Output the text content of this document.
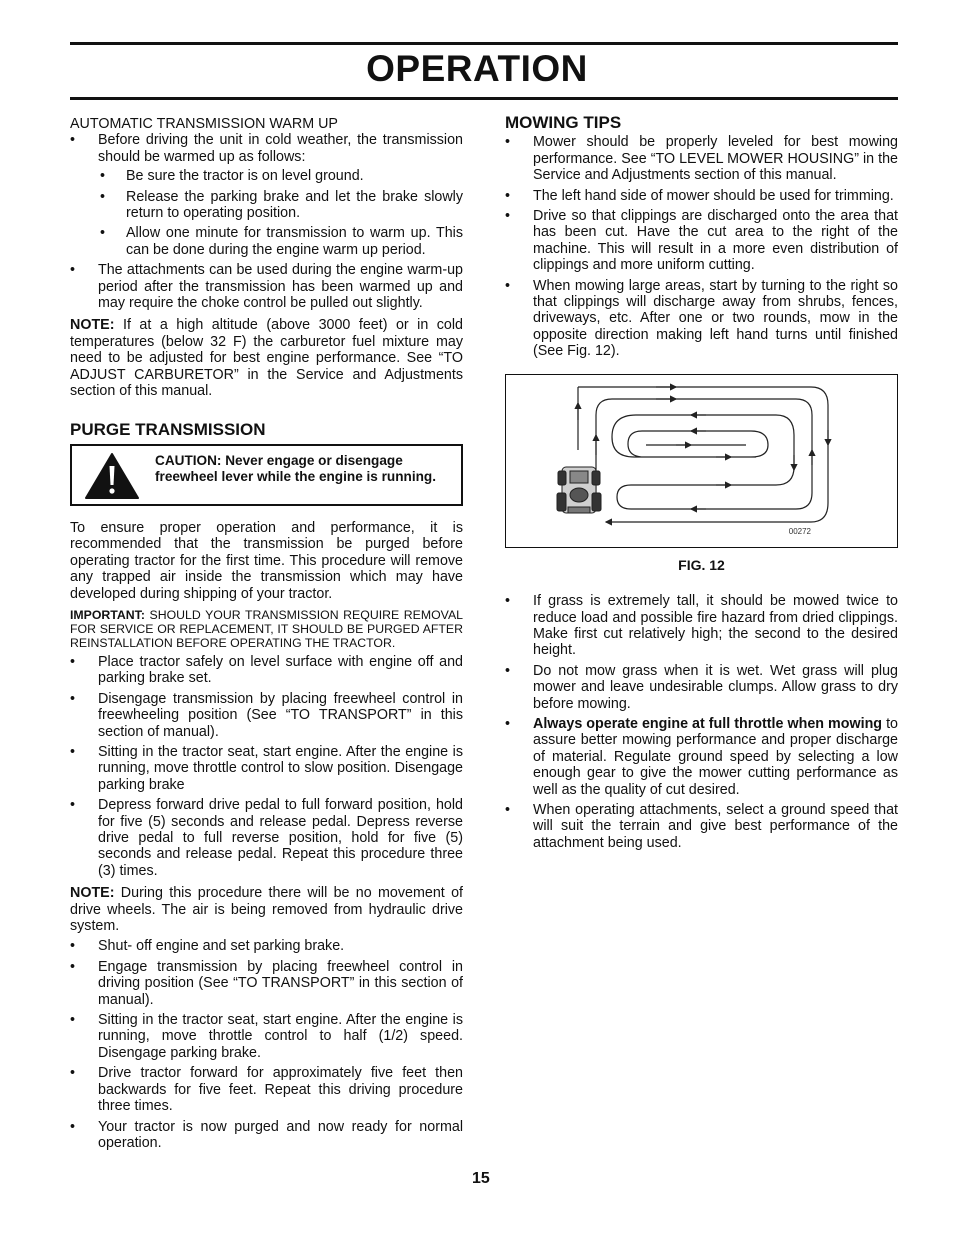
OPERATION

AUTOMATIC TRANSMISSION WARM UP

• Before driving the unit in cold weather, the transmission should be warmed up as follows:
• Be sure the tractor is on level ground.
• Release the parking brake and let the brake slowly return to operating position.
• Allow one minute for transmission to warm up. This can be done during the engine warm up period.
• The attachments can be used during the engine warm-up period after the transmission has been warmed up and may require the choke control be pulled out slightly.

NOTE: If at a high altitude (above 3000 feet) or in cold temperatures (below 32 F) the carburetor fuel mixture may need to be adjusted for best engine performance. See “TO ADJUST CARBURETOR” in the Service and Adjustments section of this manual.

PURGE TRANSMISSION

CAUTION: Never engage or disengage freewheel lever while the engine is running.

To ensure proper operation and performance, it is recommended that the transmission be purged before operating tractor for the first time. This procedure will remove any trapped air inside the transmission which may have developed during shipping of your tractor.

IMPORTANT: SHOULD YOUR TRANSMISSION REQUIRE REMOVAL FOR SERVICE OR REPLACEMENT, IT SHOULD BE PURGED AFTER REINSTALLATION BEFORE OPERATING THE TRACTOR.

• Place tractor safely on level surface with engine off and parking brake set.
• Disengage transmission by placing freewheel control in freewheeling position (See “TO TRANSPORT” in this section of manual).
• Sitting in the tractor seat, start engine. After the engine is running, move throttle control to slow position. Disengage parking brake
• Depress forward drive pedal to full forward position, hold for five (5) seconds and release pedal. Depress reverse drive pedal to full reverse position, hold for five (5) seconds and release pedal. Repeat this procedure three (3) times.

NOTE: During this procedure there will be no movement of drive wheels. The air is being removed from hydraulic drive system.

• Shut- off engine and set parking brake.
• Engage transmission by placing freewheel control in driving position (See “TO TRANSPORT” in this section of manual).
• Sitting in the tractor seat, start engine. After the engine is running, move throttle control to half (1/2) speed. Disengage parking brake.
• Drive tractor forward for approximately five feet then backwards for five feet. Repeat this driving procedure three times.
• Your tractor is now purged and now ready for normal operation.

MOWING TIPS

• Mower should be properly leveled for best mowing performance. See “TO LEVEL MOWER HOUSING” in the Service and Adjustments section of this manual.
• The left hand side of mower should be used for trimming.
• Drive so that clippings are discharged onto the area that has been cut. Have the cut area to the right of the machine. This will result in a more even distribution of clippings and more uniform cutting.
• When mowing large areas, start by turning to the right so that clippings will discharge away from shrubs, fences, driveways, etc. After one or two rounds, mow in the opposite direction making left hand turns until finished (See Fig. 12).
00272

FIG. 12

• If grass is extremely tall, it should be mowed twice to reduce load and possible fire hazard from dried clippings. Make first cut relatively high; the second to the desired height.
• Do not mow grass when it is wet. Wet grass will plug mower and leave undesirable clumps. Allow grass to dry before mowing.
• Always operate engine at full throttle when mowing to assure better mowing performance and proper discharge of material. Regulate ground speed by selecting a low enough gear to give the mower cutting performance as well as the quality of cut desired.
• When operating attachments, select a ground speed that will suit the terrain and give best performance of the attachment being used.
15
